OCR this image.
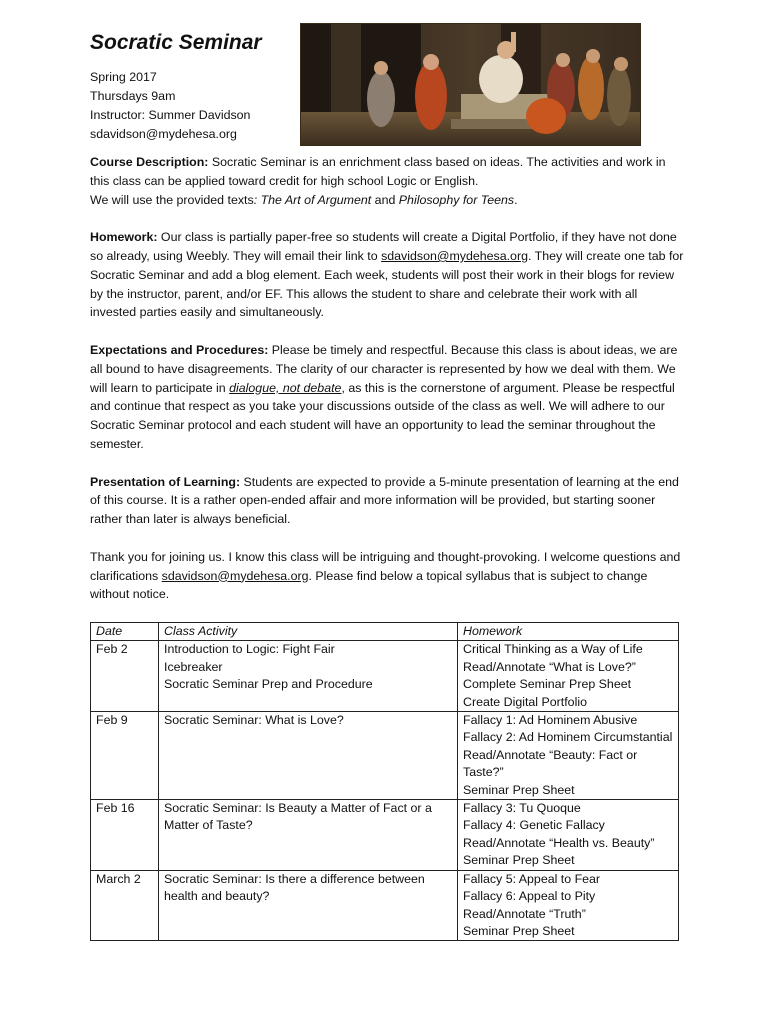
Socratic Seminar
Spring 2017
Thursdays 9am
Instructor: Summer Davidson
sdavidson@mydehesa.org
Course Description: Socratic Seminar is an enrichment class based on ideas. The activities and work in this class can be applied toward credit for high school Logic or English.
We will use the provided texts: The Art of Argument and Philosophy for Teens.
Homework: Our class is partially paper-free so students will create a Digital Portfolio, if they have not done so already, using Weebly. They will email their link to sdavidson@mydehesa.org. They will create one tab for Socratic Seminar and add a blog element. Each week, students will post their work in their blogs for review by the instructor, parent, and/or EF. This allows the student to share and celebrate their work with all invested parties easily and simultaneously.
Expectations and Procedures: Please be timely and respectful. Because this class is about ideas, we are all bound to have disagreements. The clarity of our character is represented by how we deal with them. We will learn to participate in dialogue, not debate, as this is the cornerstone of argument. Please be respectful and continue that respect as you take your discussions outside of the class as well. We will adhere to our Socratic Seminar protocol and each student will have an opportunity to lead the seminar throughout the semester.
Presentation of Learning: Students are expected to provide a 5-minute presentation of learning at the end of this course. It is a rather open-ended affair and more information will be provided, but starting sooner rather than later is always beneficial.
Thank you for joining us. I know this class will be intriguing and thought-provoking. I welcome questions and clarifications sdavidson@mydehesa.org. Please find below a topical syllabus that is subject to change without notice.
Date	Class Activity	Homework
Feb 2	Introduction to Logic: Fight Fair
Icebreaker
Socratic Seminar Prep and Procedure	Critical Thinking as a Way of Life
Read/Annotate “What is Love?”
Complete Seminar Prep Sheet
Create Digital Portfolio

Feb 9	Socratic Seminar: What is Love?	Fallacy 1: Ad Hominem Abusive
Fallacy 2: Ad Hominem Circumstantial
Read/Annotate “Beauty: Fact or Taste?”
Seminar Prep Sheet

Feb 16	Socratic Seminar: Is Beauty a Matter of Fact or a Matter of Taste?	Fallacy 3: Tu Quoque
Fallacy 4: Genetic Fallacy
Read/Annotate “Health vs. Beauty”
Seminar Prep Sheet

March 2	Socratic Seminar: Is there a difference between health and beauty?	Fallacy 5: Appeal to Fear
Fallacy 6: Appeal to Pity
Read/Annotate “Truth”
Seminar Prep Sheet
